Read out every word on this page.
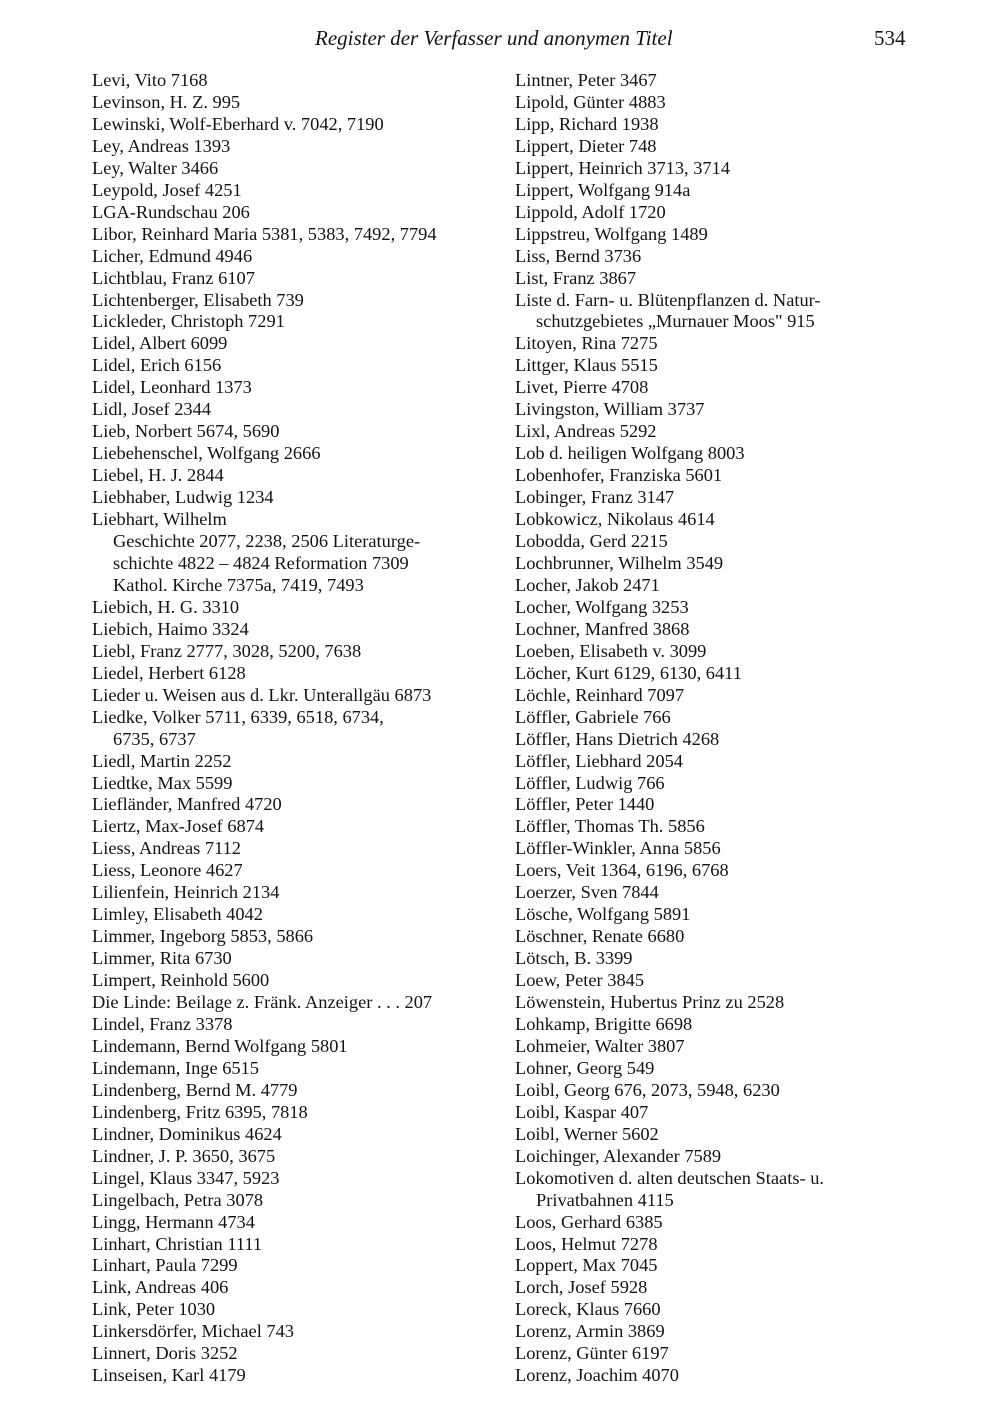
Register der Verfasser und anonymen Titel	534
Levi, Vito 7168
Levinson, H. Z. 995
Lewinski, Wolf-Eberhard v. 7042, 7190
Ley, Andreas 1393
Ley, Walter 3466
Leypold, Josef 4251
LGA-Rundschau 206
Libor, Reinhard Maria 5381, 5383, 7492, 7794
Licher, Edmund 4946
Lichtblau, Franz 6107
Lichtenberger, Elisabeth 739
Lickleder, Christoph 7291
Lidel, Albert 6099
Lidel, Erich 6156
Lidel, Leonhard 1373
Lidl, Josef 2344
Lieb, Norbert 5674, 5690
Liebehenschel, Wolfgang 2666
Liebel, H. J. 2844
Liebhaber, Ludwig 1234
Liebhart, Wilhelm
Geschichte 2077, 2238, 2506 Literaturge-
schichte 4822 – 4824 Reformation 7309
Kathol. Kirche 7375a, 7419, 7493
Liebich, H. G. 3310
Liebich, Haimo 3324
Liebl, Franz 2777, 3028, 5200, 7638
Liedel, Herbert 6128
Lieder u. Weisen aus d. Lkr. Unterallgäu 6873
Liedke, Volker 5711, 6339, 6518, 6734,
6735, 6737
Liedl, Martin 2252
Liedtke, Max 5599
Liefländer, Manfred 4720
Liertz, Max-Josef 6874
Liess, Andreas 7112
Liess, Leonore 4627
Lilienfein, Heinrich 2134
Limley, Elisabeth 4042
Limmer, Ingeborg 5853, 5866
Limmer, Rita 6730
Limpert, Reinhold 5600
Die Linde: Beilage z. Fränk. Anzeiger . . . 207
Lindel, Franz 3378
Lindemann, Bernd Wolfgang 5801
Lindemann, Inge 6515
Lindenberg, Bernd M. 4779
Lindenberg, Fritz 6395, 7818
Lindner, Dominikus 4624
Lindner, J. P. 3650, 3675
Lingel, Klaus 3347, 5923
Lingelbach, Petra 3078
Lingg, Hermann 4734
Linhart, Christian 1111
Linhart, Paula 7299
Link, Andreas 406
Link, Peter 1030
Linkersdörfer, Michael 743
Linnert, Doris 3252
Linseisen, Karl 4179
Lintner, Peter 3467
Lipold, Günter 4883
Lipp, Richard 1938
Lippert, Dieter 748
Lippert, Heinrich 3713, 3714
Lippert, Wolfgang 914a
Lippold, Adolf 1720
Lippstreu, Wolfgang 1489
Liss, Bernd 3736
List, Franz 3867
Liste d. Farn- u. Blütenpflanzen d. Natur-
schutzgebietes „Murnauer Moos" 915
Litoyen, Rina 7275
Littger, Klaus 5515
Livet, Pierre 4708
Livingston, William 3737
Lixl, Andreas 5292
Lob d. heiligen Wolfgang 8003
Lobenhofer, Franziska 5601
Lobinger, Franz 3147
Lobkowicz, Nikolaus 4614
Lobodda, Gerd 2215
Lochbrunner, Wilhelm 3549
Locher, Jakob 2471
Locher, Wolfgang 3253
Lochner, Manfred 3868
Loeben, Elisabeth v. 3099
Löcher, Kurt 6129, 6130, 6411
Löchle, Reinhard 7097
Löffler, Gabriele 766
Löffler, Hans Dietrich 4268
Löffler, Liebhard 2054
Löffler, Ludwig 766
Löffler, Peter 1440
Löffler, Thomas Th. 5856
Löffler-Winkler, Anna 5856
Loers, Veit 1364, 6196, 6768
Loerzer, Sven 7844
Lösche, Wolfgang 5891
Löschner, Renate 6680
Lötsch, B. 3399
Loew, Peter 3845
Löwenstein, Hubertus Prinz zu 2528
Lohkamp, Brigitte 6698
Lohmeier, Walter 3807
Lohner, Georg 549
Loibl, Georg 676, 2073, 5948, 6230
Loibl, Kaspar 407
Loibl, Werner 5602
Loichinger, Alexander 7589
Lokomotiven d. alten deutschen Staats- u.
Privatbahnen 4115
Loos, Gerhard 6385
Loos, Helmut 7278
Loppert, Max 7045
Lorch, Josef 5928
Loreck, Klaus 7660
Lorenz, Armin 3869
Lorenz, Günter 6197
Lorenz, Joachim 4070
